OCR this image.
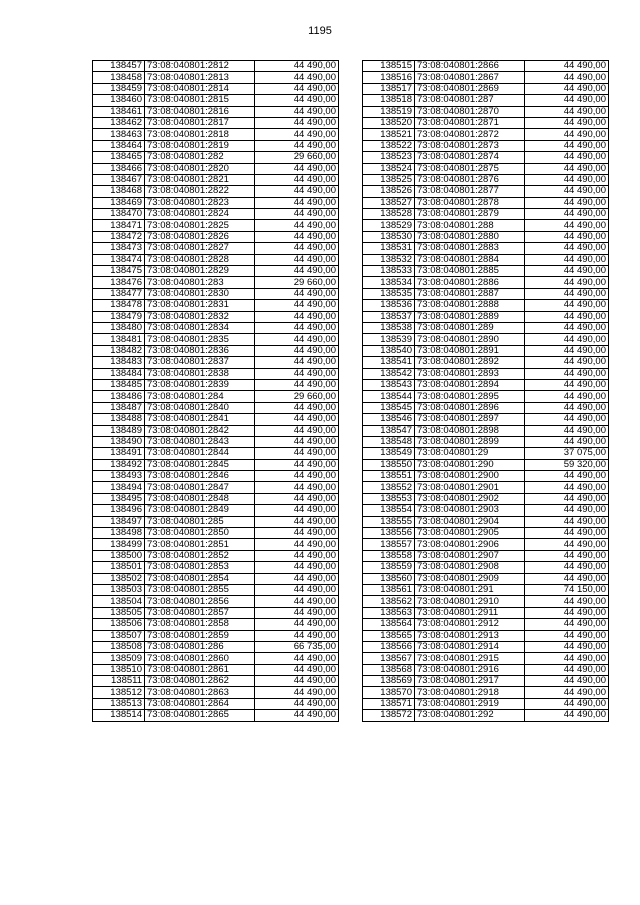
1195
138457	73:08:040801:2812	44 490,00
138458	73:08:040801:2813	44 490,00
138459	73:08:040801:2814	44 490,00
138460	73:08:040801:2815	44 490,00
138461	73:08:040801:2816	44 490,00
138462	73:08:040801:2817	44 490,00
138463	73:08:040801:2818	44 490,00
138464	73:08:040801:2819	44 490,00
138465	73:08:040801:282	29 660,00
138466	73:08:040801:2820	44 490,00
138467	73:08:040801:2821	44 490,00
138468	73:08:040801:2822	44 490,00
138469	73:08:040801:2823	44 490,00
138470	73:08:040801:2824	44 490,00
138471	73:08:040801:2825	44 490,00
138472	73:08:040801:2826	44 490,00
138473	73:08:040801:2827	44 490,00
138474	73:08:040801:2828	44 490,00
138475	73:08:040801:2829	44 490,00
138476	73:08:040801:283	29 660,00
138477	73:08:040801:2830	44 490,00
138478	73:08:040801:2831	44 490,00
138479	73:08:040801:2832	44 490,00
138480	73:08:040801:2834	44 490,00
138481	73:08:040801:2835	44 490,00
138482	73:08:040801:2836	44 490,00
138483	73:08:040801:2837	44 490,00
138484	73:08:040801:2838	44 490,00
138485	73:08:040801:2839	44 490,00
138486	73:08:040801:284	29 660,00
138487	73:08:040801:2840	44 490,00
138488	73:08:040801:2841	44 490,00
138489	73:08:040801:2842	44 490,00
138490	73:08:040801:2843	44 490,00
138491	73:08:040801:2844	44 490,00
138492	73:08:040801:2845	44 490,00
138493	73:08:040801:2846	44 490,00
138494	73:08:040801:2847	44 490,00
138495	73:08:040801:2848	44 490,00
138496	73:08:040801:2849	44 490,00
138497	73:08:040801:285	44 490,00
138498	73:08:040801:2850	44 490,00
138499	73:08:040801:2851	44 490,00
138500	73:08:040801:2852	44 490,00
138501	73:08:040801:2853	44 490,00
138502	73:08:040801:2854	44 490,00
138503	73:08:040801:2855	44 490,00
138504	73:08:040801:2856	44 490,00
138505	73:08:040801:2857	44 490,00
138506	73:08:040801:2858	44 490,00
138507	73:08:040801:2859	44 490,00
138508	73:08:040801:286	66 735,00
138509	73:08:040801:2860	44 490,00
138510	73:08:040801:2861	44 490,00
138511	73:08:040801:2862	44 490,00
138512	73:08:040801:2863	44 490,00
138513	73:08:040801:2864	44 490,00
138514	73:08:040801:2865	44 490,00
138515	73:08:040801:2866	44 490,00
138516	73:08:040801:2867	44 490,00
138517	73:08:040801:2869	44 490,00
138518	73:08:040801:287	44 490,00
138519	73:08:040801:2870	44 490,00
138520	73:08:040801:2871	44 490,00
138521	73:08:040801:2872	44 490,00
138522	73:08:040801:2873	44 490,00
138523	73:08:040801:2874	44 490,00
138524	73:08:040801:2875	44 490,00
138525	73:08:040801:2876	44 490,00
138526	73:08:040801:2877	44 490,00
138527	73:08:040801:2878	44 490,00
138528	73:08:040801:2879	44 490,00
138529	73:08:040801:288	44 490,00
138530	73:08:040801:2880	44 490,00
138531	73:08:040801:2883	44 490,00
138532	73:08:040801:2884	44 490,00
138533	73:08:040801:2885	44 490,00
138534	73:08:040801:2886	44 490,00
138535	73:08:040801:2887	44 490,00
138536	73:08:040801:2888	44 490,00
138537	73:08:040801:2889	44 490,00
138538	73:08:040801:289	44 490,00
138539	73:08:040801:2890	44 490,00
138540	73:08:040801:2891	44 490,00
138541	73:08:040801:2892	44 490,00
138542	73:08:040801:2893	44 490,00
138543	73:08:040801:2894	44 490,00
138544	73:08:040801:2895	44 490,00
138545	73:08:040801:2896	44 490,00
138546	73:08:040801:2897	44 490,00
138547	73:08:040801:2898	44 490,00
138548	73:08:040801:2899	44 490,00
138549	73:08:040801:29	37 075,00
138550	73:08:040801:290	59 320,00
138551	73:08:040801:2900	44 490,00
138552	73:08:040801:2901	44 490,00
138553	73:08:040801:2902	44 490,00
138554	73:08:040801:2903	44 490,00
138555	73:08:040801:2904	44 490,00
138556	73:08:040801:2905	44 490,00
138557	73:08:040801:2906	44 490,00
138558	73:08:040801:2907	44 490,00
138559	73:08:040801:2908	44 490,00
138560	73:08:040801:2909	44 490,00
138561	73:08:040801:291	74 150,00
138562	73:08:040801:2910	44 490,00
138563	73:08:040801:2911	44 490,00
138564	73:08:040801:2912	44 490,00
138565	73:08:040801:2913	44 490,00
138566	73:08:040801:2914	44 490,00
138567	73:08:040801:2915	44 490,00
138568	73:08:040801:2916	44 490,00
138569	73:08:040801:2917	44 490,00
138570	73:08:040801:2918	44 490,00
138571	73:08:040801:2919	44 490,00
138572	73:08:040801:292	44 490,00
